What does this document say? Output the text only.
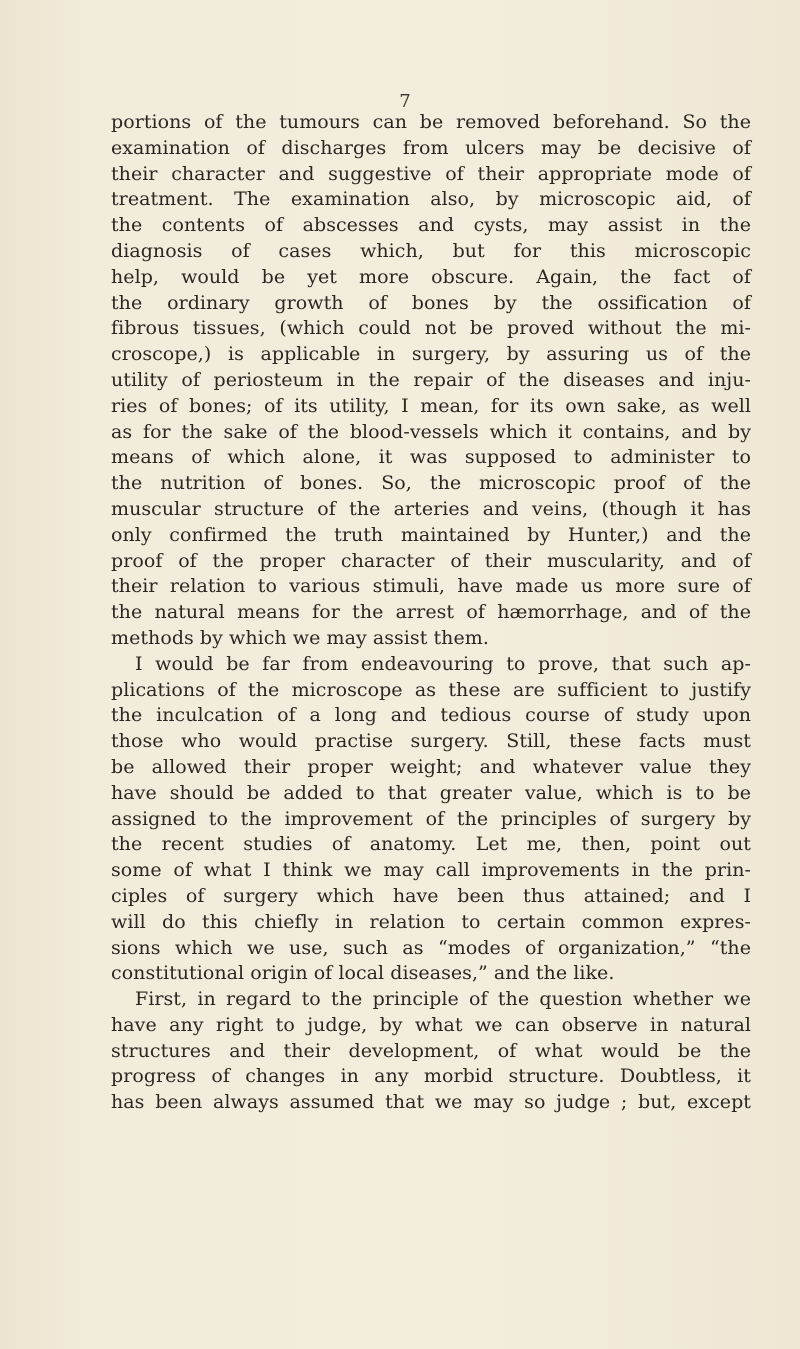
7
portions of the tumours can be removed beforehand. So the
examination of discharges from ulcers may be decisive of
their character and suggestive of their appropriate mode of
treatment. The examination also, by microscopic aid, of
the contents of abscesses and cysts, may assist in the
diagnosis of cases which, but for this microscopic
help, would be yet more obscure. Again, the fact of
the ordinary growth of bones by the ossification of
fibrous tissues, (which could not be proved without the mi-
croscope,) is applicable in surgery, by assuring us of the
utility of periosteum in the repair of the diseases and inju-
ries of bones; of its utility, I mean, for its own sake, as well
as for the sake of the blood-vessels which it contains, and by
means of which alone, it was supposed to administer to
the nutrition of bones. So, the microscopic proof of the
muscular structure of the arteries and veins, (though it has
only confirmed the truth maintained by Hunter,) and the
proof of the proper character of their muscularity, and of
their relation to various stimuli, have made us more sure of
the natural means for the arrest of hæmorrhage, and of the
methods by which we may assist them.
I would be far from endeavouring to prove, that such ap-
plications of the microscope as these are sufficient to justify
the inculcation of a long and tedious course of study upon
those who would practise surgery. Still, these facts must
be allowed their proper weight; and whatever value they
have should be added to that greater value, which is to be
assigned to the improvement of the principles of surgery by
the recent studies of anatomy. Let me, then, point out
some of what I think we may call improvements in the prin-
ciples of surgery which have been thus attained; and I
will do this chiefly in relation to certain common expres-
sions which we use, such as “modes of organization,” “the
constitutional origin of local diseases,” and the like.
First, in regard to the principle of the question whether we
have any right to judge, by what we can observe in natural
structures and their development, of what would be the
progress of changes in any morbid structure. Doubtless, it
has been always assumed that we may so judge ; but, except
